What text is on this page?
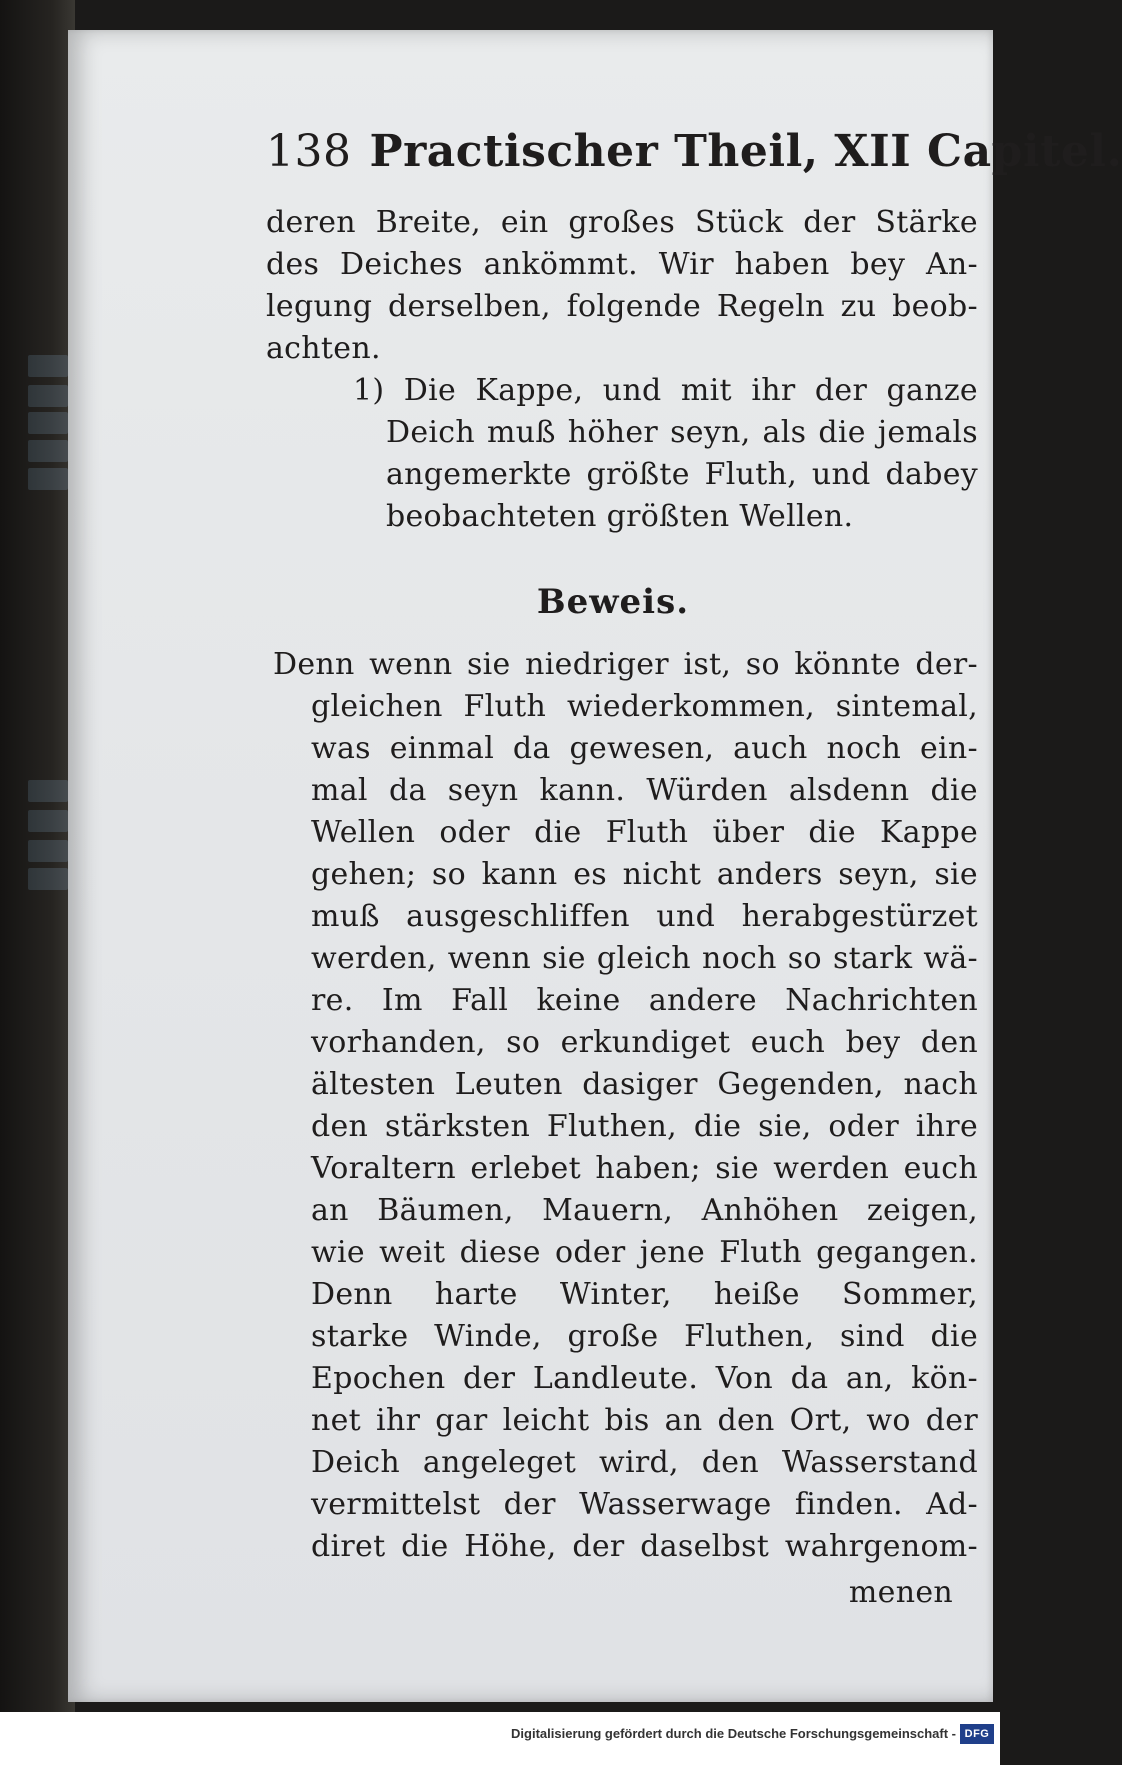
138 Practischer Theil, XII Capitel.
deren Breite, ein großes Stück der Stärke
des Deiches ankömmt. Wir haben bey An-
legung derselben, folgende Regeln zu beob-
achten.
1) Die Kappe, und mit ihr der ganze
Deich muß höher seyn, als die jemals
angemerkte größte Fluth, und dabey
beobachteten größten Wellen.
Beweis.
Denn wenn sie niedriger ist, so könnte der-
gleichen Fluth wiederkommen, sintemal,
was einmal da gewesen, auch noch ein-
mal da seyn kann. Würden alsdenn die
Wellen oder die Fluth über die Kappe
gehen; so kann es nicht anders seyn, sie
muß ausgeschliffen und herabgestürzet
werden, wenn sie gleich noch so stark wä-
re. Im Fall keine andere Nachrichten
vorhanden, so erkundiget euch bey den
ältesten Leuten dasiger Gegenden, nach
den stärksten Fluthen, die sie, oder ihre
Voraltern erlebet haben; sie werden euch
an Bäumen, Mauern, Anhöhen zeigen,
wie weit diese oder jene Fluth gegangen.
Denn harte Winter, heiße Sommer,
starke Winde, große Fluthen, sind die
Epochen der Landleute. Von da an, kön-
net ihr gar leicht bis an den Ort, wo der
Deich angeleget wird, den Wasserstand
vermittelst der Wasserwage finden. Ad-
diret die Höhe, der daselbst wahrgenom-
menen
Digitalisierung gefördert durch die Deutsche Forschungsgemeinschaft - DFG
